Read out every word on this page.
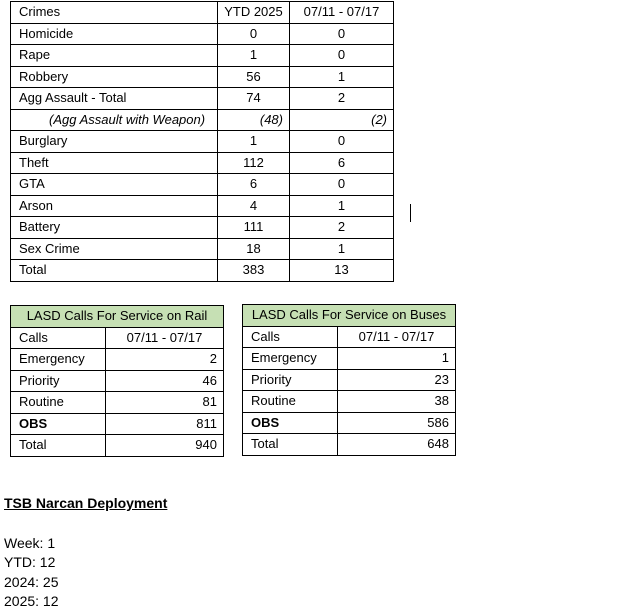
Crimes	YTD 2025	07/11 - 07/17
Homicide	0	0
Rape	1	0
Robbery	56	1
Agg Assault - Total	74	2
(Agg Assault with Weapon)	(48)	(2)
Burglary	1	0
Theft	112	6
GTA	6	0
Arson	4	1
Battery	111	2
Sex Crime	18	1
Total	383	13
LASD Calls For Service on Rail	
Calls	07/11 - 07/17
Emergency	2
Priority	46
Routine	81
OBS	811
Total	940
LASD Calls For Service on Buses	
Calls	07/11 - 07/17
Emergency	1
Priority	23
Routine	38
OBS	586
Total	648
TSB Narcan Deployment
Week: 1
YTD: 12
2024: 25
2025: 12
